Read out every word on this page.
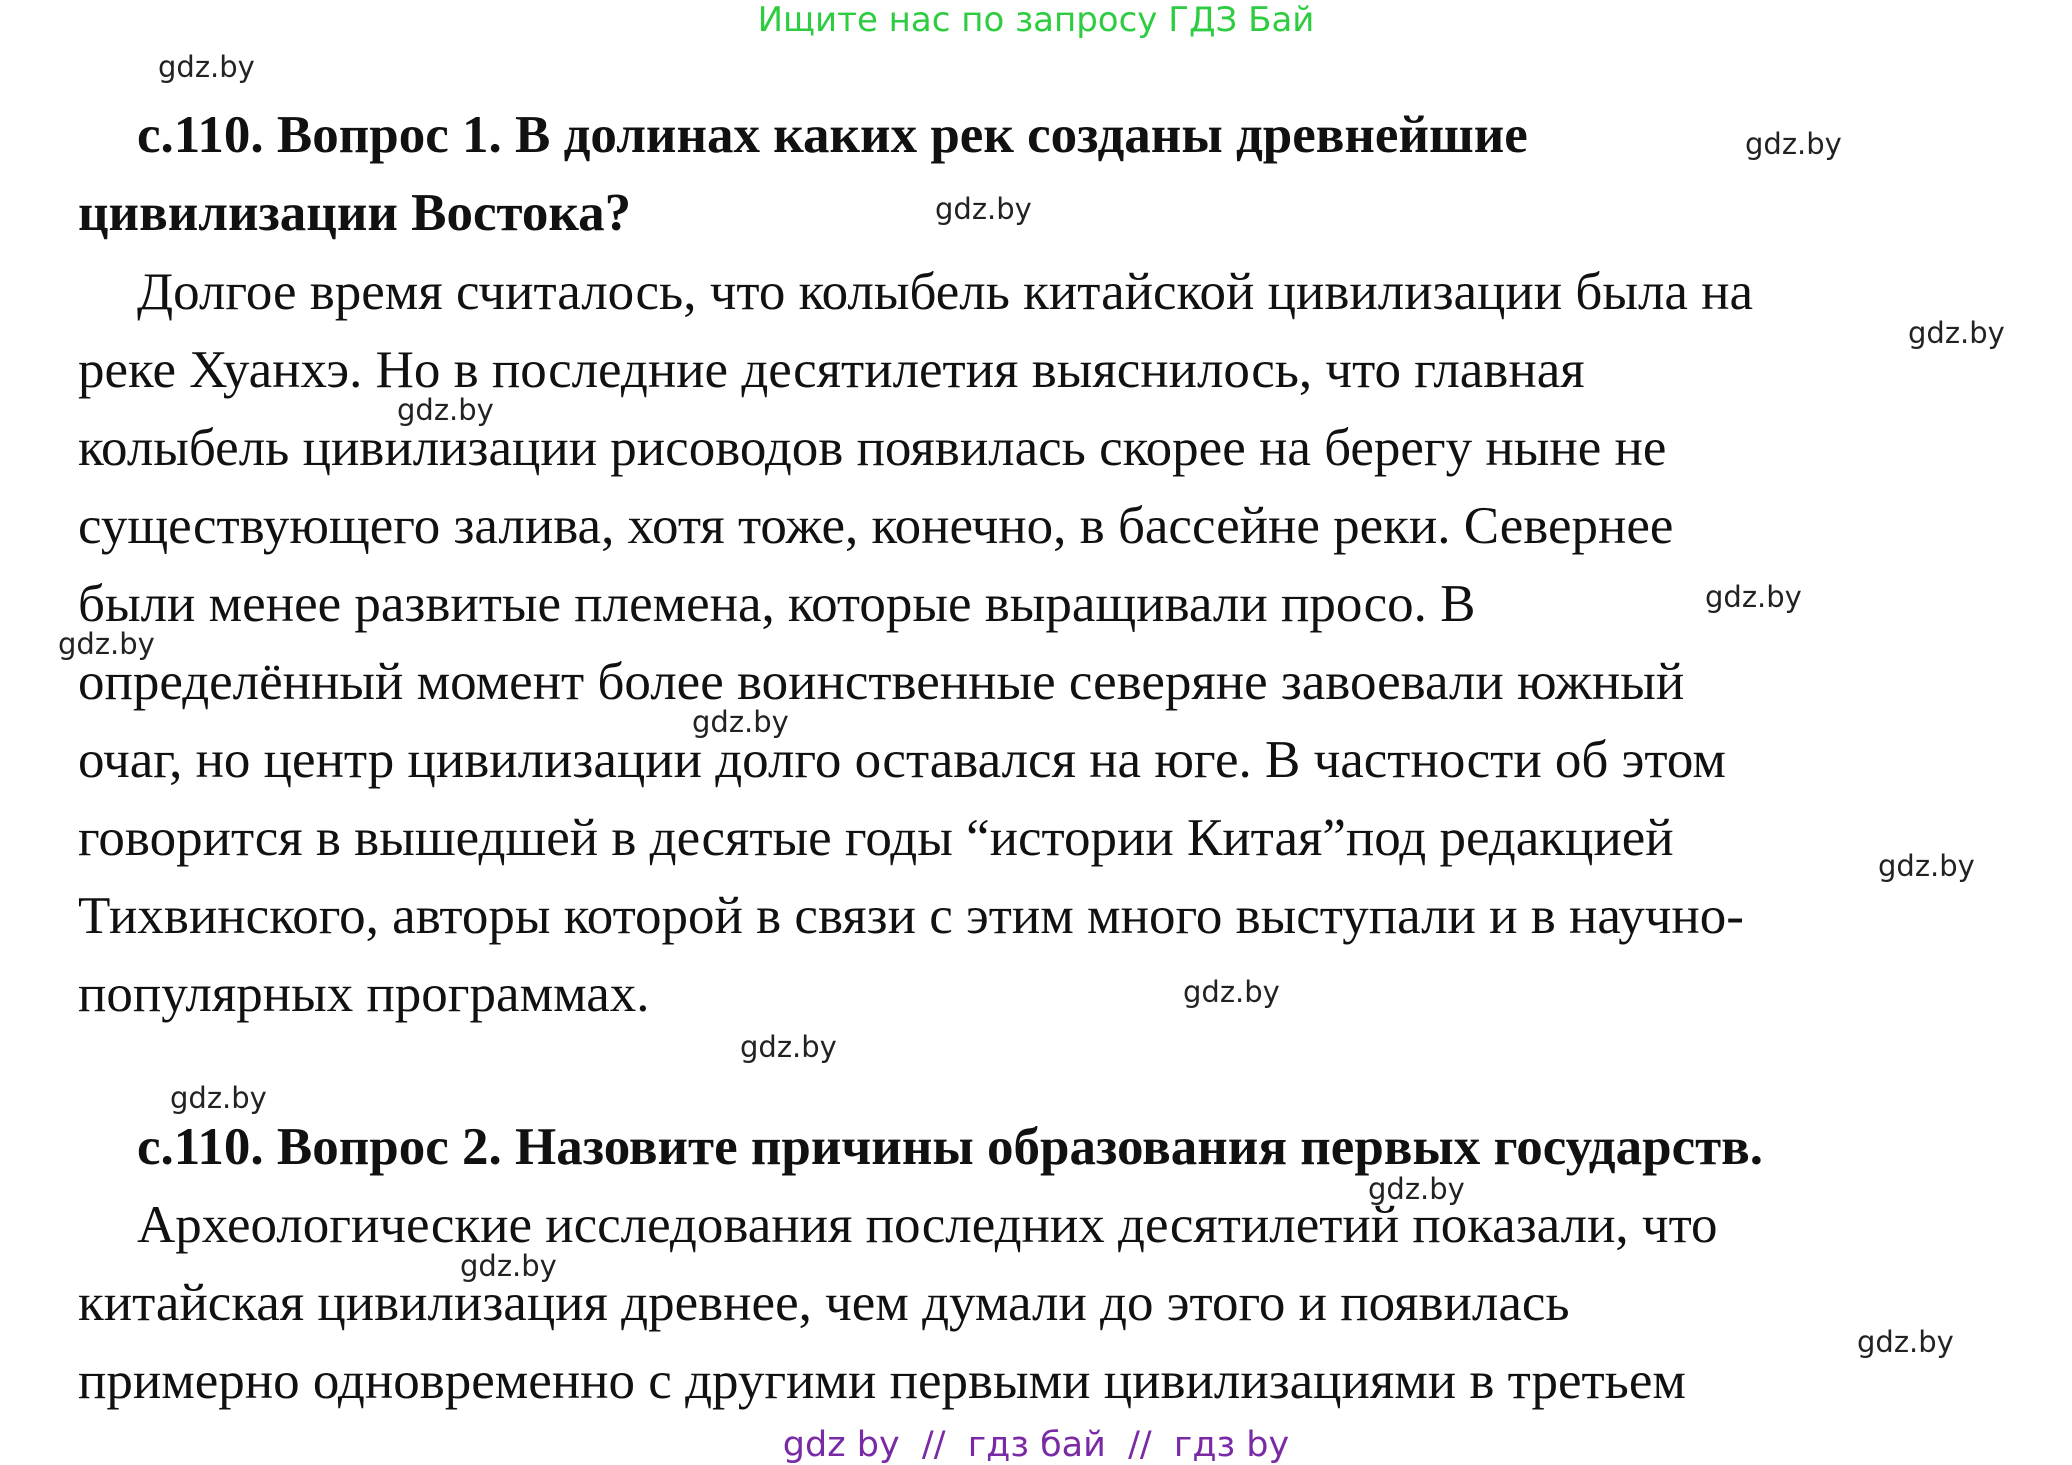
Ищите нас по запросу ГДЗ Бай
с.110. Вопрос 1. В долинах каких рек созданы древнейшие
цивилизации Востока?
Долгое время считалось, что колыбель китайской цивилизации была на
реке Хуанхэ. Но в последние десятилетия выяснилось, что главная
колыбель цивилизации рисоводов появилась скорее на берегу ныне не
существующего залива, хотя тоже, конечно, в бассейне реки. Севернее
были менее развитые племена, которые выращивали просо. В
определённый момент более воинственные северяне завоевали южный
очаг, но центр цивилизации долго оставался на юге. В частности об этом
говорится в вышедшей в десятые годы “истории Китая”под редакцией
Тихвинского, авторы которой в связи с этим много выступали и в научно-
популярных программах.
с.110. Вопрос 2. Назовите причины образования первых государств.
Археологические исследования последних десятилетий показали, что
китайская цивилизация древнее, чем думали до этого и появилась
примерно одновременно с другими первыми цивилизациями в третьем
gdz.by
gdz.by
gdz.by
gdz.by
gdz.by
gdz.by
gdz.by
gdz.by
gdz.by
gdz.by
gdz.by
gdz.by
gdz.by
gdz.by
gdz.by
gdz by  //  гдз бай  //  гдз by
